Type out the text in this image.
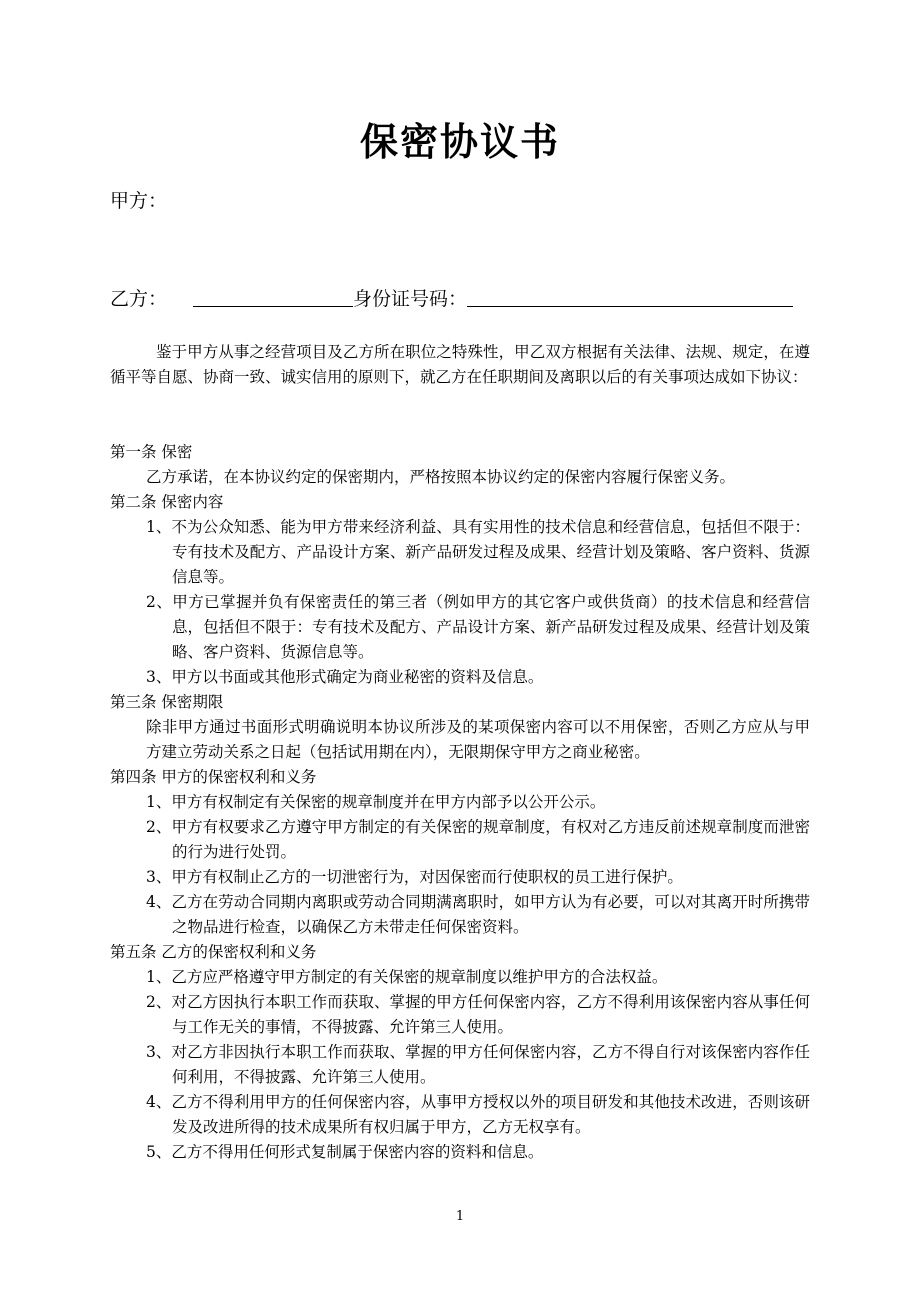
保密协议书
甲方：
乙方：	身份证号码：
鉴于甲方从事之经营项目及乙方所在职位之特殊性，甲乙双方根据有关法律、法规、规定，在遵循平等自愿、协商一致、诚实信用的原则下，就乙方在任职期间及离职以后的有关事项达成如下协议：

第一条 保密

乙方承诺，在本协议约定的保密期内，严格按照本协议约定的保密内容履行保密义务。

第二条 保密内容

1、不为公众知悉、能为甲方带来经济利益、具有实用性的技术信息和经营信息，包括但不限于：专有技术及配方、产品设计方案、新产品研发过程及成果、经营计划及策略、客户资料、货源信息等。

2、甲方已掌握并负有保密责任的第三者（例如甲方的其它客户或供货商）的技术信息和经营信息，包括但不限于：专有技术及配方、产品设计方案、新产品研发过程及成果、经营计划及策略、客户资料、货源信息等。

3、甲方以书面或其他形式确定为商业秘密的资料及信息。

第三条 保密期限

除非甲方通过书面形式明确说明本协议所涉及的某项保密内容可以不用保密，否则乙方应从与甲方建立劳动关系之日起（包括试用期在内），无限期保守甲方之商业秘密。

第四条 甲方的保密权利和义务

1、甲方有权制定有关保密的规章制度并在甲方内部予以公开公示。

2、甲方有权要求乙方遵守甲方制定的有关保密的规章制度，有权对乙方违反前述规章制度而泄密的行为进行处罚。

3、甲方有权制止乙方的一切泄密行为，对因保密而行使职权的员工进行保护。

4、乙方在劳动合同期内离职或劳动合同期满离职时，如甲方认为有必要，可以对其离开时所携带之物品进行检查，以确保乙方未带走任何保密资料。

第五条 乙方的保密权利和义务

1、乙方应严格遵守甲方制定的有关保密的规章制度以维护甲方的合法权益。

2、对乙方因执行本职工作而获取、掌握的甲方任何保密内容，乙方不得利用该保密内容从事任何与工作无关的事情，不得披露、允许第三人使用。

3、对乙方非因执行本职工作而获取、掌握的甲方任何保密内容，乙方不得自行对该保密内容作任何利用，不得披露、允许第三人使用。

4、乙方不得利用甲方的任何保密内容，从事甲方授权以外的项目研发和其他技术改进，否则该研发及改进所得的技术成果所有权归属于甲方，乙方无权享有。

5、乙方不得用任何形式复制属于保密内容的资料和信息。

1
